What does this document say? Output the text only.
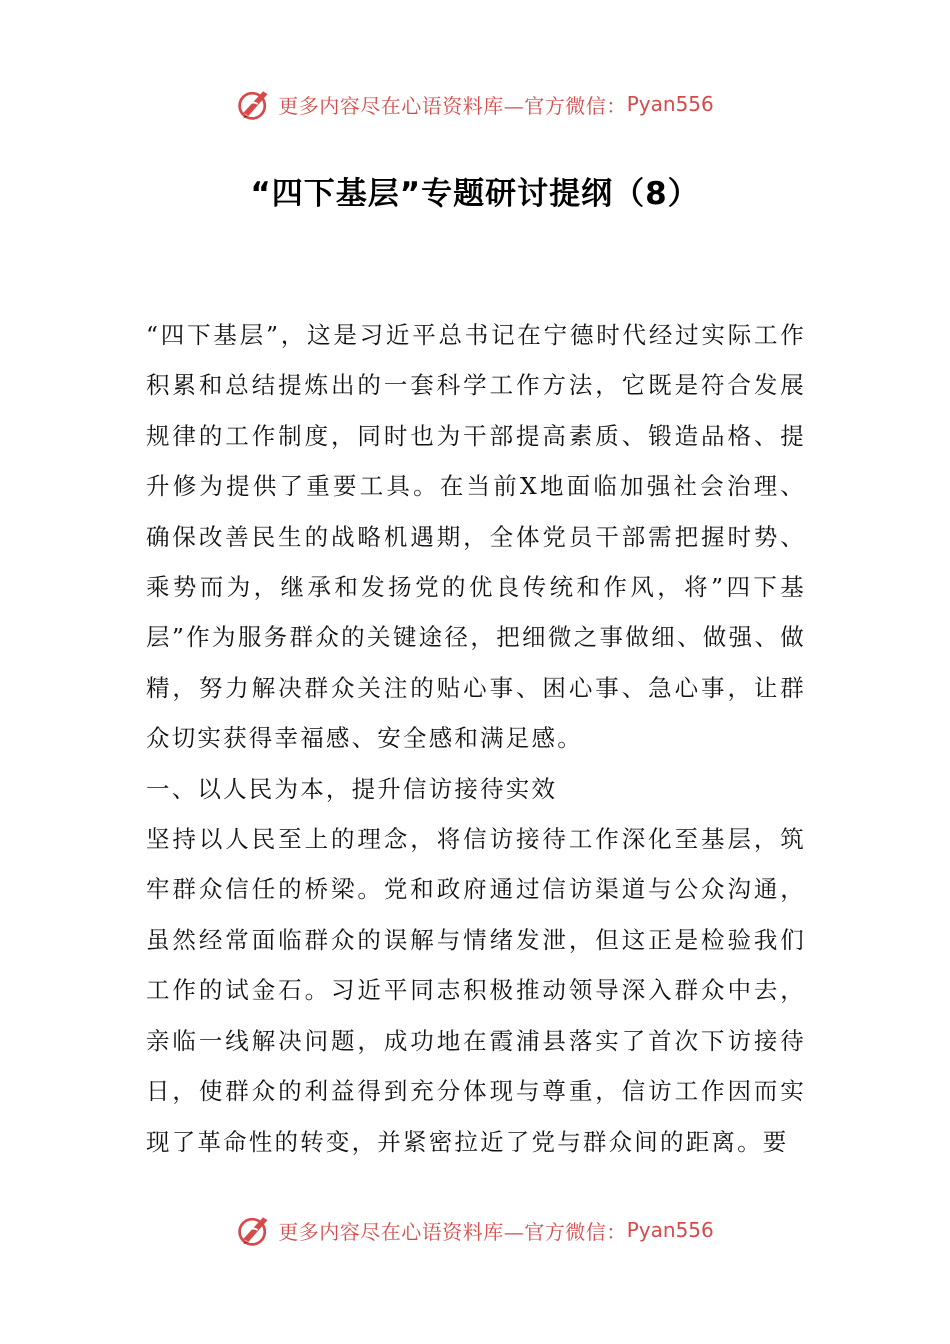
更多内容尽在心语资料库—官方微信： Pyan556
“四下基层”专题研讨提纲（8）

“四下基层”，这是习近平总书记在宁德时代经过实际工作积累和总结提炼出的一套科学工作方法，它既是符合发展规律的工作制度，同时也为干部提高素质、锻造品格、提升修为提供了重要工具。在当前X地面临加强社会治理、确保改善民生的战略机遇期，全体党员干部需把握时势、乘势而为，继承和发扬党的优良传统和作风，将”四下基层”作为服务群众的关键途径，把细微之事做细、做强、做精，努力解决群众关注的贴心事、困心事、急心事，让群众切实获得幸福感、安全感和满足感。

一、以人民为本，提升信访接待实效

坚持以人民至上的理念，将信访接待工作深化至基层，筑牢群众信任的桥梁。党和政府通过信访渠道与公众沟通，虽然经常面临群众的误解与情绪发泄，但这正是检验我们工作的试金石。习近平同志积极推动领导深入群众中去，亲临一线解决问题，成功地在霞浦县落实了首次下访接待日，使群众的利益得到充分体现与尊重，信访工作因而实现了革命性的转变，并紧密拉近了党与群众间的距离。要

更多内容尽在心语资料库—官方微信： Pyan556
